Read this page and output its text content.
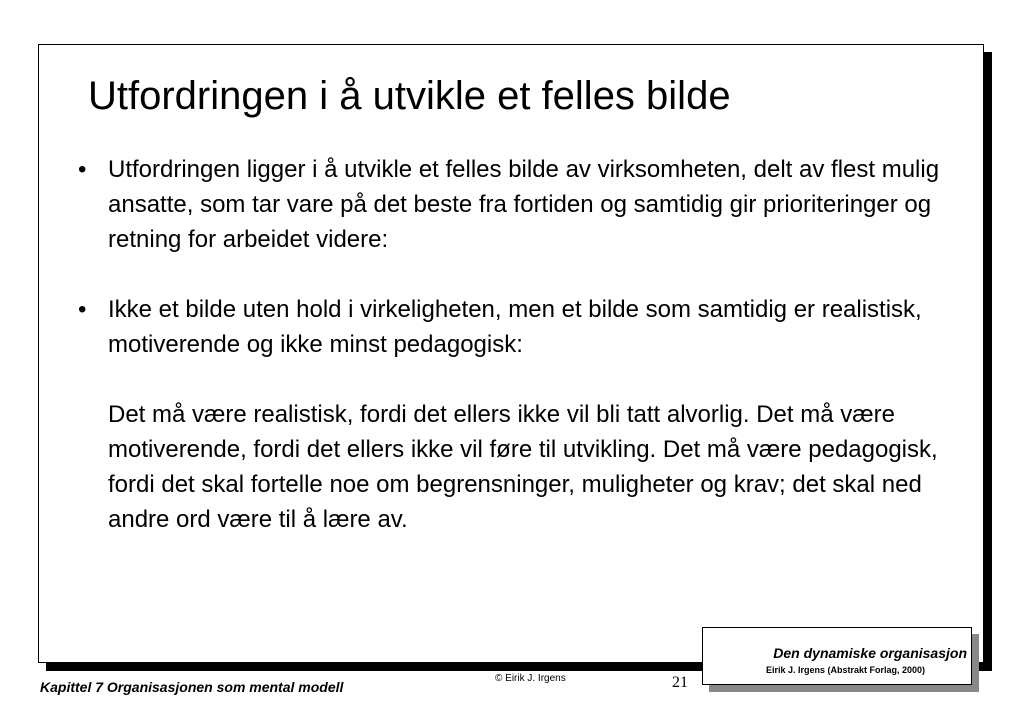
Utfordringen i å utvikle et felles bilde
• Utfordringen ligger i å utvikle et felles bilde av virksomheten, delt av flest mulig ansatte, som tar vare på det beste fra fortiden og samtidig gir prioriteringer og retning for arbeidet videre:

• Ikke et bilde uten hold i virkeligheten, men et bilde som samtidig er realistisk, motiverende og ikke minst pedagogisk:

Det må være realistisk, fordi det ellers ikke vil bli tatt alvorlig. Det må være motiverende, fordi det ellers ikke vil føre til utvikling. Det må være pedagogisk, fordi det skal fortelle noe om begrensninger, muligheter og krav; det skal ned andre ord være til å lære av.

Kapittel 7 Organisasjonen som mental modell
© Eirik J. Irgens	21
Den dynamiske organisasjon
Eirik J. Irgens (Abstrakt Forlag, 2000)
